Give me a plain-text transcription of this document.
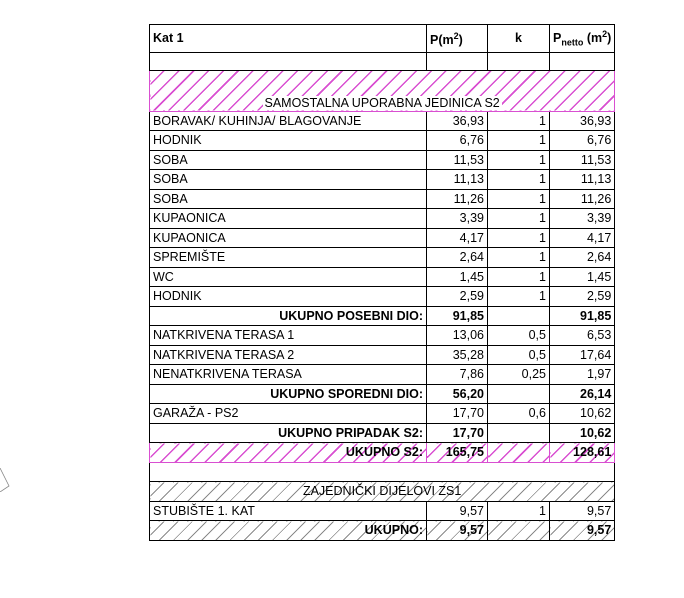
Kat 1	$P(m^2)$	k	$P_{netto}$ $(m^2)$

SAMOSTALNA UPORABNA JEDINICA S2			
BORAVAK/ KUHINJA/ BLAGOVANJE	36,93	1	36,93
HODNIK	6,76	1	6,76
SOBA	11,53	1	11,53
SOBA	11,13	1	11,13
SOBA	11,26	1	11,26
KUPAONICA	3,39	1	3,39
KUPAONICA	4,17	1	4,17
SPREMIŠTE	2,64	1	2,64
WC	1,45	1	1,45
HODNIK	2,59	1	2,59
UKUPNO POSEBNI DIO:	91,85		91,85
NATKRIVENA TERASA 1	13,06	0,5	6,53
NATKRIVENA TERASA 2	35,28	0,5	17,64
NENATKRIVENA TERASA	7,86	0,25	1,97
UKUPNO SPOREDNI DIO:	56,20		26,14
GARAŽA - PS2	17,70	0,6	10,62
UKUPNO PRIPADAK S2:	17,70		10,62
UKUPNO S2:	165,75		128,61

ZAJEDNIČKI DIJELOVI ZS1			
STUBIŠTE 1. KAT	9,57	1	9,57
UKUPNO:	9,57		9,57
